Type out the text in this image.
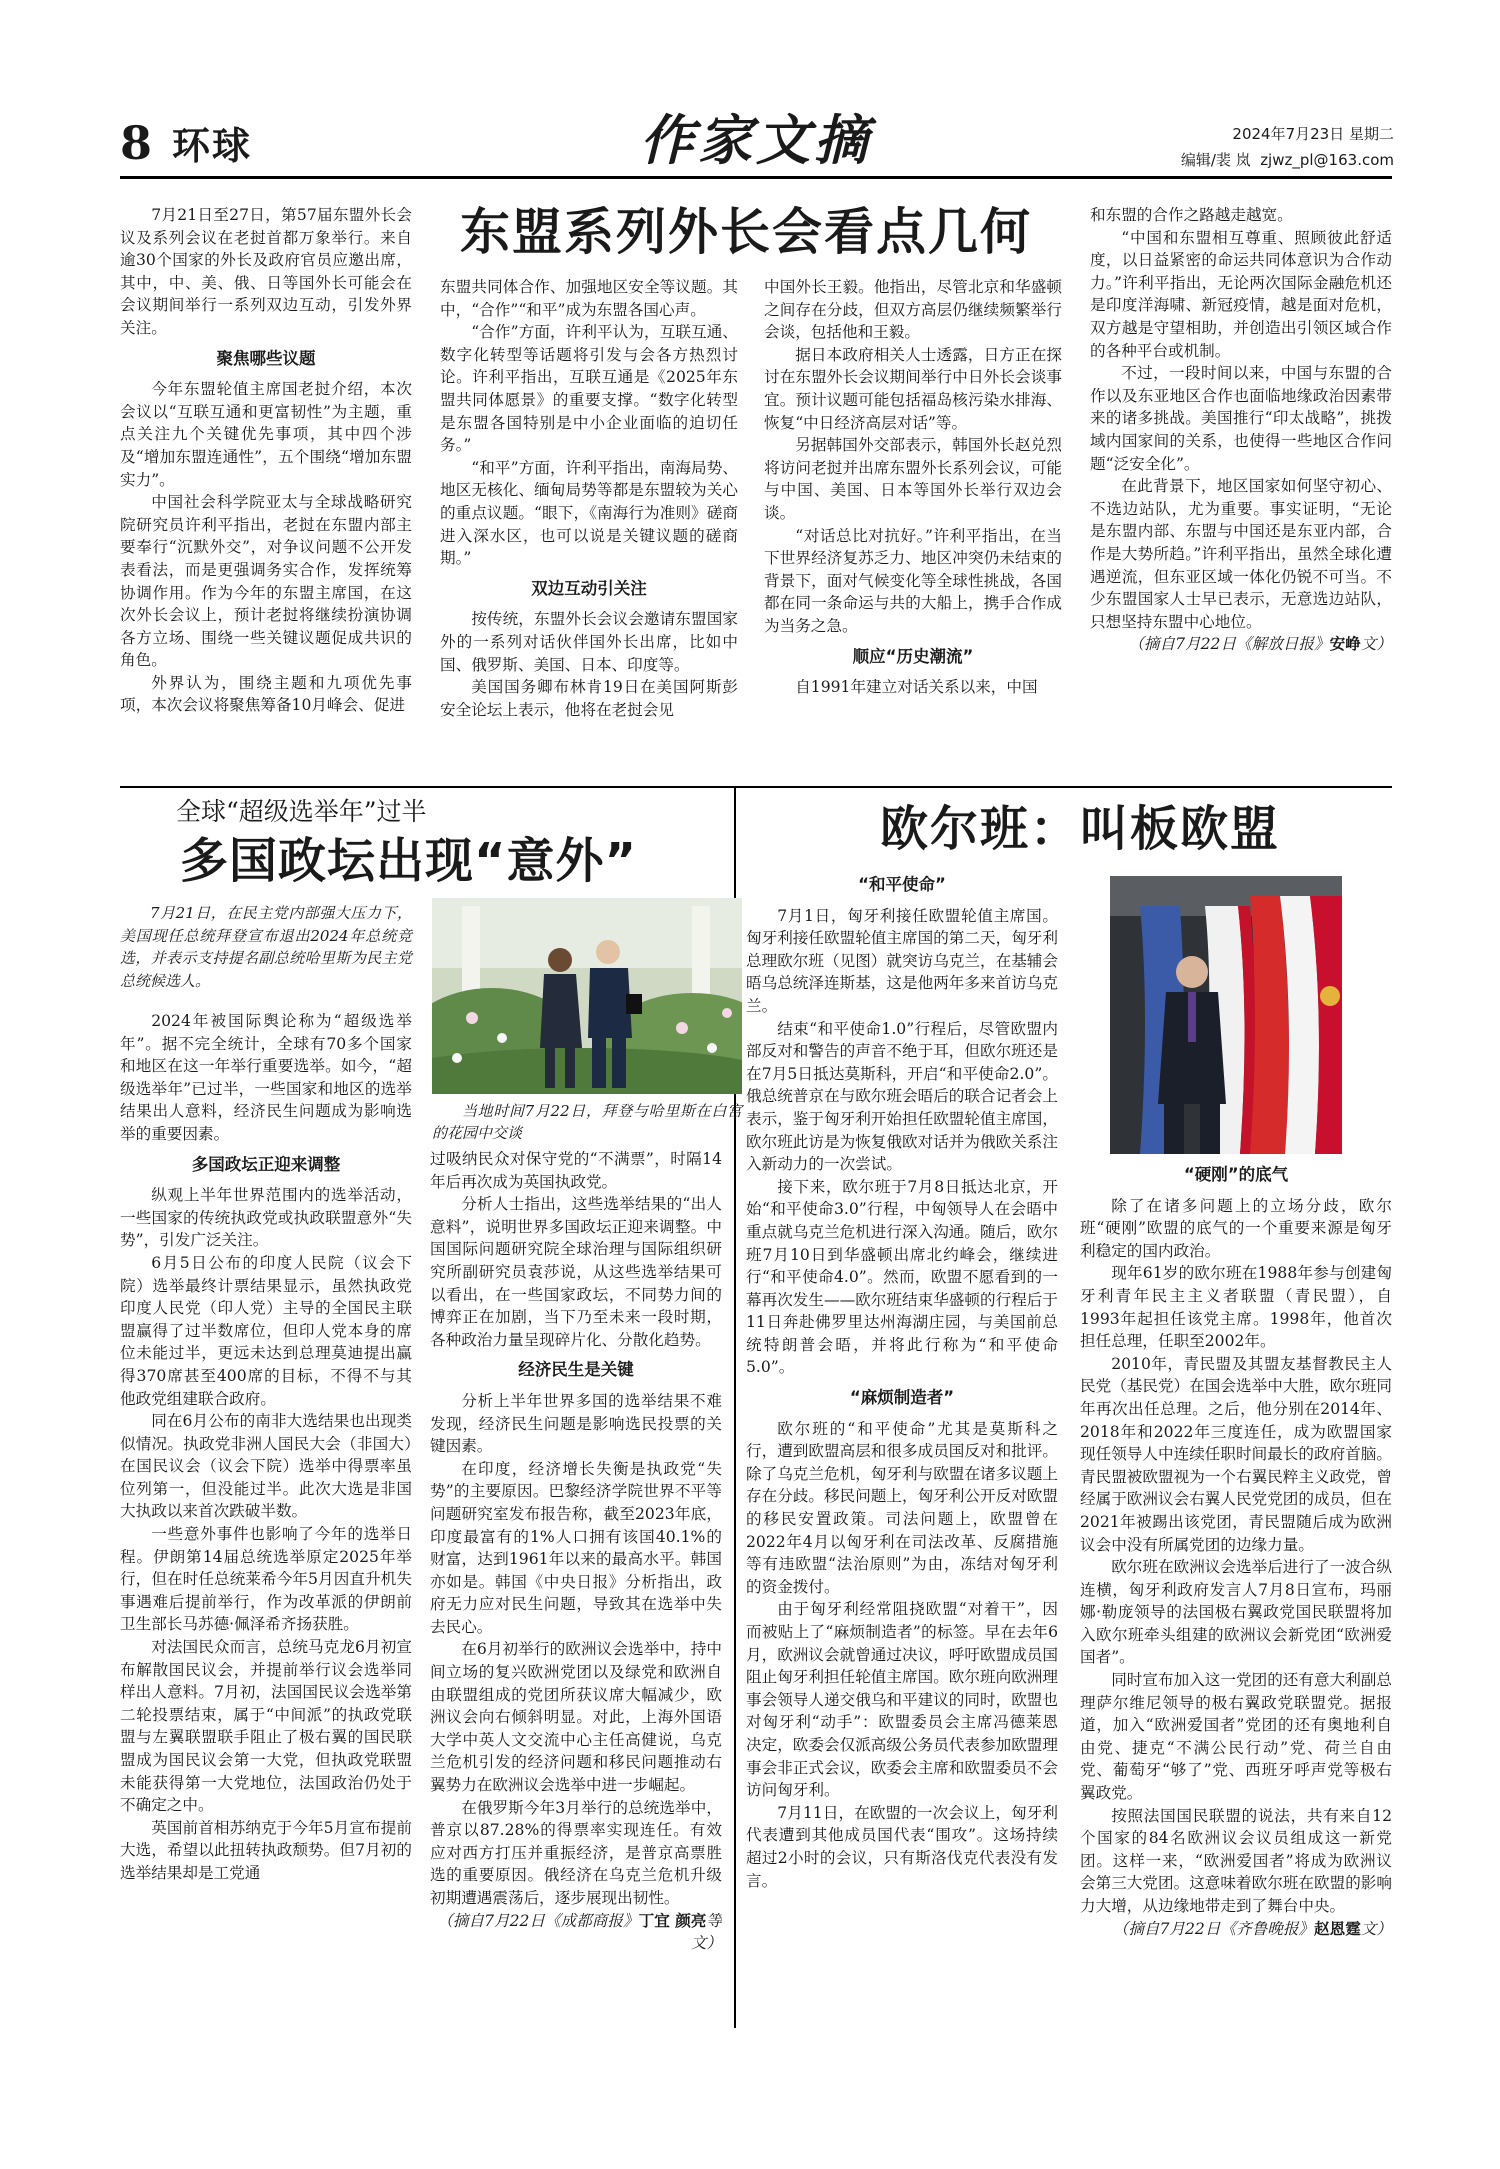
8 环球	作家文摘	2024年7月23日 星期二
编辑/裴 岚 zjwz_pl@163.com
东盟系列外长会看点几何

7月21日至27日，第57届东盟外长会议及系列会议在老挝首都万象举行。来自逾30个国家的外长及政府官员应邀出席，其中，中、美、俄、日等国外长可能会在会议期间举行一系列双边互动，引发外界关注。

聚焦哪些议题

今年东盟轮值主席国老挝介绍，本次会议以“互联互通和更富韧性”为主题，重点关注九个关键优先事项，其中四个涉及“增加东盟连通性”，五个围绕“增加东盟实力”。

中国社会科学院亚太与全球战略研究院研究员许利平指出，老挝在东盟内部主要奉行“沉默外交”，对争议问题不公开发表看法，而是更强调务实合作，发挥统筹协调作用。作为今年的东盟主席国，在这次外长会议上，预计老挝将继续扮演协调各方立场、围绕一些关键议题促成共识的角色。

外界认为，围绕主题和九项优先事项，本次会议将聚焦筹备10月峰会、促进

东盟共同体合作、加强地区安全等议题。其中，“合作”“和平”成为东盟各国心声。

“合作”方面，许利平认为，互联互通、数字化转型等话题将引发与会各方热烈讨论。许利平指出，互联互通是《2025年东盟共同体愿景》的重要支撑。“数字化转型是东盟各国特别是中小企业面临的迫切任务。”

“和平”方面，许利平指出，南海局势、地区无核化、缅甸局势等都是东盟较为关心的重点议题。“眼下，《南海行为准则》磋商进入深水区，也可以说是关键议题的磋商期。”

双边互动引关注

按传统，东盟外长会议会邀请东盟国家外的一系列对话伙伴国外长出席，比如中国、俄罗斯、美国、日本、印度等。

美国国务卿布林肯19日在美国阿斯彭安全论坛上表示，他将在老挝会见

中国外长王毅。他指出，尽管北京和华盛顿之间存在分歧，但双方高层仍继续频繁举行会谈，包括他和王毅。

据日本政府相关人士透露，日方正在探讨在东盟外长会议期间举行中日外长会谈事宜。预计议题可能包括福岛核污染水排海、恢复“中日经济高层对话”等。

另据韩国外交部表示，韩国外长赵兑烈将访问老挝并出席东盟外长系列会议，可能与中国、美国、日本等国外长举行双边会谈。

“对话总比对抗好。”许利平指出，在当下世界经济复苏乏力、地区冲突仍未结束的背景下，面对气候变化等全球性挑战，各国都在同一条命运与共的大船上，携手合作成为当务之急。

顺应“历史潮流”

自1991年建立对话关系以来，中国

和东盟的合作之路越走越宽。

“中国和东盟相互尊重、照顾彼此舒适度，以日益紧密的命运共同体意识为合作动力。”许利平指出，无论两次国际金融危机还是印度洋海啸、新冠疫情，越是面对危机，双方越是守望相助，并创造出引领区域合作的各种平台或机制。

不过，一段时间以来，中国与东盟的合作以及东亚地区合作也面临地缘政治因素带来的诸多挑战。美国推行“印太战略”，挑拨域内国家间的关系，也使得一些地区合作问题“泛安全化”。

在此背景下，地区国家如何坚守初心、不选边站队，尤为重要。事实证明，“无论是东盟内部、东盟与中国还是东亚内部，合作是大势所趋。”许利平指出，虽然全球化遭遇逆流，但东亚区域一体化仍锐不可当。不少东盟国家人士早已表示，无意选边站队，只想坚持东盟中心地位。

（摘自7月22日《解放日报》安峥文）

全球“超级选举年”过半
多国政坛出现“意外”
7月21日，在民主党内部强大压力下，美国现任总统拜登宣布退出2024年总统竞选，并表示支持提名副总统哈里斯为民主党总统候选人。
当地时间7月22日，拜登与哈里斯在白宫的花园中交谈

2024年被国际舆论称为“超级选举年”。据不完全统计，全球有70多个国家和地区在这一年举行重要选举。如今，“超级选举年”已过半，一些国家和地区的选举结果出人意料，经济民生问题成为影响选举的重要因素。

多国政坛正迎来调整

纵观上半年世界范围内的选举活动，一些国家的传统执政党或执政联盟意外“失势”，引发广泛关注。

6月5日公布的印度人民院（议会下院）选举最终计票结果显示，虽然执政党印度人民党（印人党）主导的全国民主联盟赢得了过半数席位，但印人党本身的席位未能过半，更远未达到总理莫迪提出赢得370席甚至400席的目标，不得不与其他政党组建联合政府。

同在6月公布的南非大选结果也出现类似情况。执政党非洲人国民大会（非国大）在国民议会（议会下院）选举中得票率虽位列第一，但没能过半。此次大选是非国大执政以来首次跌破半数。

一些意外事件也影响了今年的选举日程。伊朗第14届总统选举原定2025年举行，但在时任总统莱希今年5月因直升机失事遇难后提前举行，作为改革派的伊朗前卫生部长马苏德·佩泽希齐扬获胜。

对法国民众而言，总统马克龙6月初宣布解散国民议会，并提前举行议会选举同样出人意料。7月初，法国国民议会选举第二轮投票结束，属于“中间派”的执政党联盟与左翼联盟联手阻止了极右翼的国民联盟成为国民议会第一大党，但执政党联盟未能获得第一大党地位，法国政治仍处于不确定之中。

英国前首相苏纳克于今年5月宣布提前大选，希望以此扭转执政颓势。但7月初的选举结果却是工党通

过吸纳民众对保守党的“不满票”，时隔14年后再次成为英国执政党。

分析人士指出，这些选举结果的“出人意料”，说明世界多国政坛正迎来调整。中国国际问题研究院全球治理与国际组织研究所副研究员袁莎说，从这些选举结果可以看出，在一些国家政坛，不同势力间的博弈正在加剧，当下乃至未来一段时期，各种政治力量呈现碎片化、分散化趋势。

经济民生是关键

分析上半年世界多国的选举结果不难发现，经济民生问题是影响选民投票的关键因素。

在印度，经济增长失衡是执政党“失势”的主要原因。巴黎经济学院世界不平等问题研究室发布报告称，截至2023年底，印度最富有的1%人口拥有该国40.1%的财富，达到1961年以来的最高水平。韩国亦如是。韩国《中央日报》分析指出，政府无力应对民生问题，导致其在选举中失去民心。

在6月初举行的欧洲议会选举中，持中间立场的复兴欧洲党团以及绿党和欧洲自由联盟组成的党团所获议席大幅减少，欧洲议会向右倾斜明显。对此，上海外国语大学中英人文交流中心主任高健说，乌克兰危机引发的经济问题和移民问题推动右翼势力在欧洲议会选举中进一步崛起。

在俄罗斯今年3月举行的总统选举中，普京以87.28%的得票率实现连任。有效应对西方打压并重振经济，是普京高票胜选的重要原因。俄经济在乌克兰危机升级初期遭遇震荡后，逐步展现出韧性。

（摘自7月22日《成都商报》丁宜 颜亮等文）

欧尔班：叫板欧盟
“和平使命”

7月1日，匈牙利接任欧盟轮值主席国。匈牙利接任欧盟轮值主席国的第二天，匈牙利总理欧尔班（见图）就突访乌克兰，在基辅会晤乌总统泽连斯基，这是他两年多来首访乌克兰。

结束“和平使命1.0”行程后，尽管欧盟内部反对和警告的声音不绝于耳，但欧尔班还是在7月5日抵达莫斯科，开启“和平使命2.0”。俄总统普京在与欧尔班会晤后的联合记者会上表示，鉴于匈牙利开始担任欧盟轮值主席国，欧尔班此访是为恢复俄欧对话并为俄欧关系注入新动力的一次尝试。

接下来，欧尔班于7月8日抵达北京，开始“和平使命3.0”行程，中匈领导人在会晤中重点就乌克兰危机进行深入沟通。随后，欧尔班7月10日到华盛顿出席北约峰会，继续进行“和平使命4.0”。然而，欧盟不愿看到的一幕再次发生——欧尔班结束华盛顿的行程后于11日奔赴佛罗里达州海湖庄园，与美国前总统特朗普会晤，并将此行称为“和平使命5.0”。

“麻烦制造者”

欧尔班的“和平使命”尤其是莫斯科之行，遭到欧盟高层和很多成员国反对和批评。除了乌克兰危机，匈牙利与欧盟在诸多议题上存在分歧。移民问题上，匈牙利公开反对欧盟的移民安置政策。司法问题上，欧盟曾在2022年4月以匈牙利在司法改革、反腐措施等有违欧盟“法治原则”为由，冻结对匈牙利的资金拨付。

由于匈牙利经常阻挠欧盟“对着干”，因而被贴上了“麻烦制造者”的标签。早在去年6月，欧洲议会就曾通过决议，呼吁欧盟成员国阻止匈牙利担任轮值主席国。欧尔班向欧洲理事会领导人递交俄乌和平建议的同时，欧盟也对匈牙利“动手”：欧盟委员会主席冯德莱恩决定，欧委会仅派高级公务员代表参加欧盟理事会非正式会议，欧委会主席和欧盟委员不会访问匈牙利。

7月11日，在欧盟的一次会议上，匈牙利代表遭到其他成员国代表“围攻”。这场持续超过2小时的会议，只有斯洛伐克代表没有发言。

“硬刚”的底气

除了在诸多问题上的立场分歧，欧尔班“硬刚”欧盟的底气的一个重要来源是匈牙利稳定的国内政治。

现年61岁的欧尔班在1988年参与创建匈牙利青年民主主义者联盟（青民盟），自1993年起担任该党主席。1998年，他首次担任总理，任职至2002年。

2010年，青民盟及其盟友基督教民主人民党（基民党）在国会选举中大胜，欧尔班同年再次出任总理。之后，他分别在2014年、2018年和2022年三度连任，成为欧盟国家现任领导人中连续任职时间最长的政府首脑。青民盟被欧盟视为一个右翼民粹主义政党，曾经属于欧洲议会右翼人民党党团的成员，但在2021年被踢出该党团，青民盟随后成为欧洲议会中没有所属党团的边缘力量。

欧尔班在欧洲议会选举后进行了一波合纵连横，匈牙利政府发言人7月8日宣布，玛丽娜·勒庞领导的法国极右翼政党国民联盟将加入欧尔班牵头组建的欧洲议会新党团“欧洲爱国者”。

同时宣布加入这一党团的还有意大利副总理萨尔维尼领导的极右翼政党联盟党。据报道，加入“欧洲爱国者”党团的还有奥地利自由党、捷克“不满公民行动”党、荷兰自由党、葡萄牙“够了”党、西班牙呼声党等极右翼政党。

按照法国国民联盟的说法，共有来自12个国家的84名欧洲议会议员组成这一新党团。这样一来，“欧洲爱国者”将成为欧洲议会第三大党团。这意味着欧尔班在欧盟的影响力大增，从边缘地带走到了舞台中央。

（摘自7月22日《齐鲁晚报》赵恩霆文）
